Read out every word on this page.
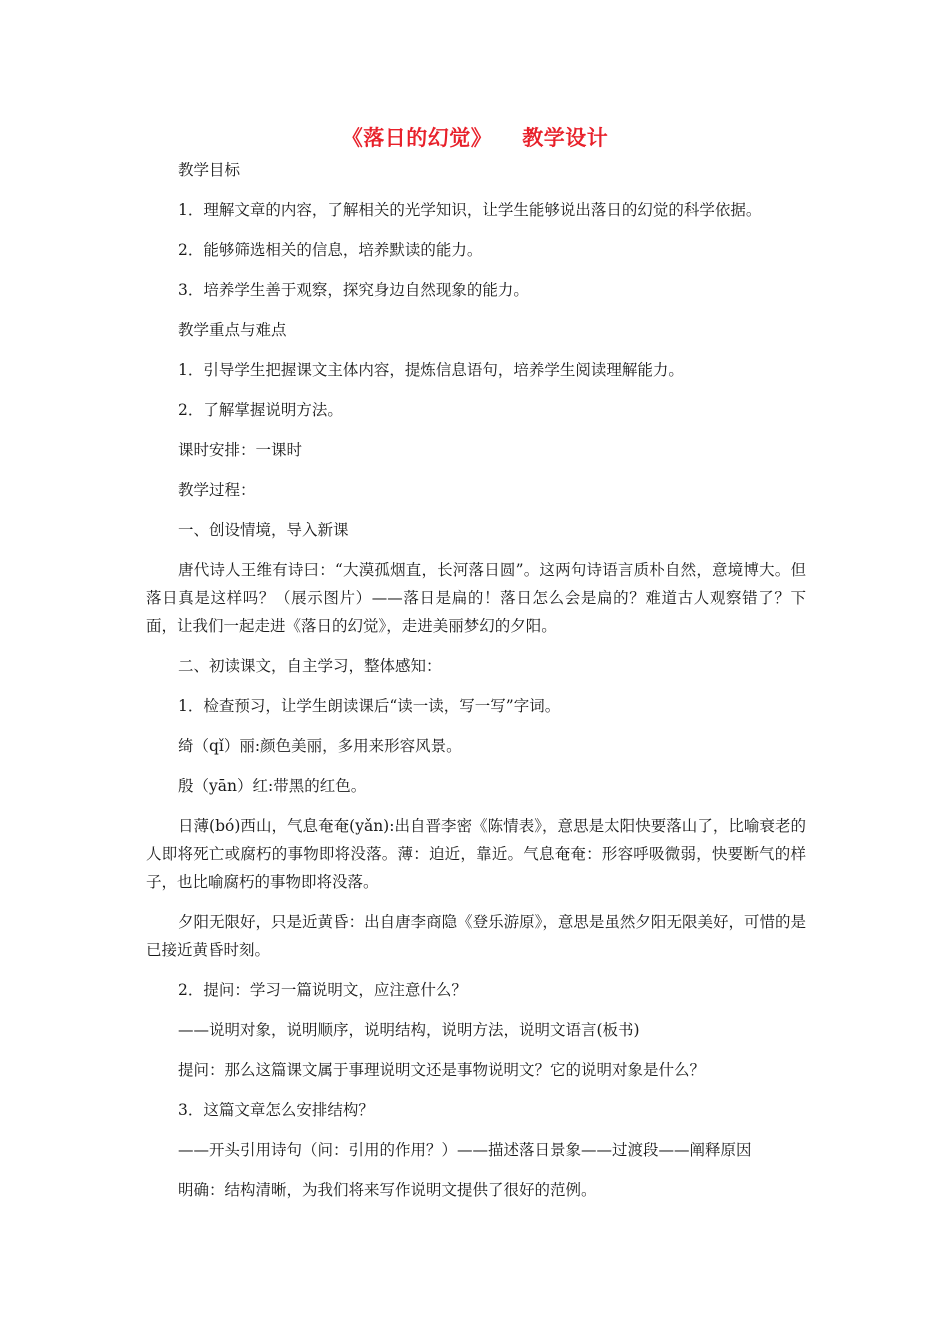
《落日的幻觉》 教学设计

教学目标

1．理解文章的内容，了解相关的光学知识，让学生能够说出落日的幻觉的科学依据。

2．能够筛选相关的信息，培养默读的能力。

3．培养学生善于观察，探究身边自然现象的能力。

教学重点与难点

1．引导学生把握课文主体内容，提炼信息语句，培养学生阅读理解能力。

2．了解掌握说明方法。

课时安排：一课时

教学过程：

一、创设情境，导入新课

唐代诗人王维有诗曰：“大漠孤烟直，长河落日圆”。这两句诗语言质朴自然，意境博大。但落日真是这样吗？（展示图片）——落日是扁的！落日怎么会是扁的？难道古人观察错了？下面，让我们一起走进《落日的幻觉》，走进美丽梦幻的夕阳。

二、初读课文，自主学习，整体感知：

1．检查预习，让学生朗读课后“读一读，写一写”字词。

绮（qǐ）丽:颜色美丽，多用来形容风景。

殷（yān）红:带黑的红色。

日薄(bó)西山，气息奄奄(yǎn):出自晋李密《陈情表》，意思是太阳快要落山了，比喻衰老的人即将死亡或腐朽的事物即将没落。薄：迫近，靠近。气息奄奄：形容呼吸微弱，快要断气的样子，也比喻腐朽的事物即将没落。

夕阳无限好，只是近黄昏：出自唐李商隐《登乐游原》，意思是虽然夕阳无限美好，可惜的是已接近黄昏时刻。

2．提问：学习一篇说明文，应注意什么？

——说明对象，说明顺序，说明结构，说明方法，说明文语言(板书)

提问：那么这篇课文属于事理说明文还是事物说明文？它的说明对象是什么？

3．这篇文章怎么安排结构？

——开头引用诗句（问：引用的作用？）——描述落日景象——过渡段——阐释原因

明确：结构清晰，为我们将来写作说明文提供了很好的范例。
